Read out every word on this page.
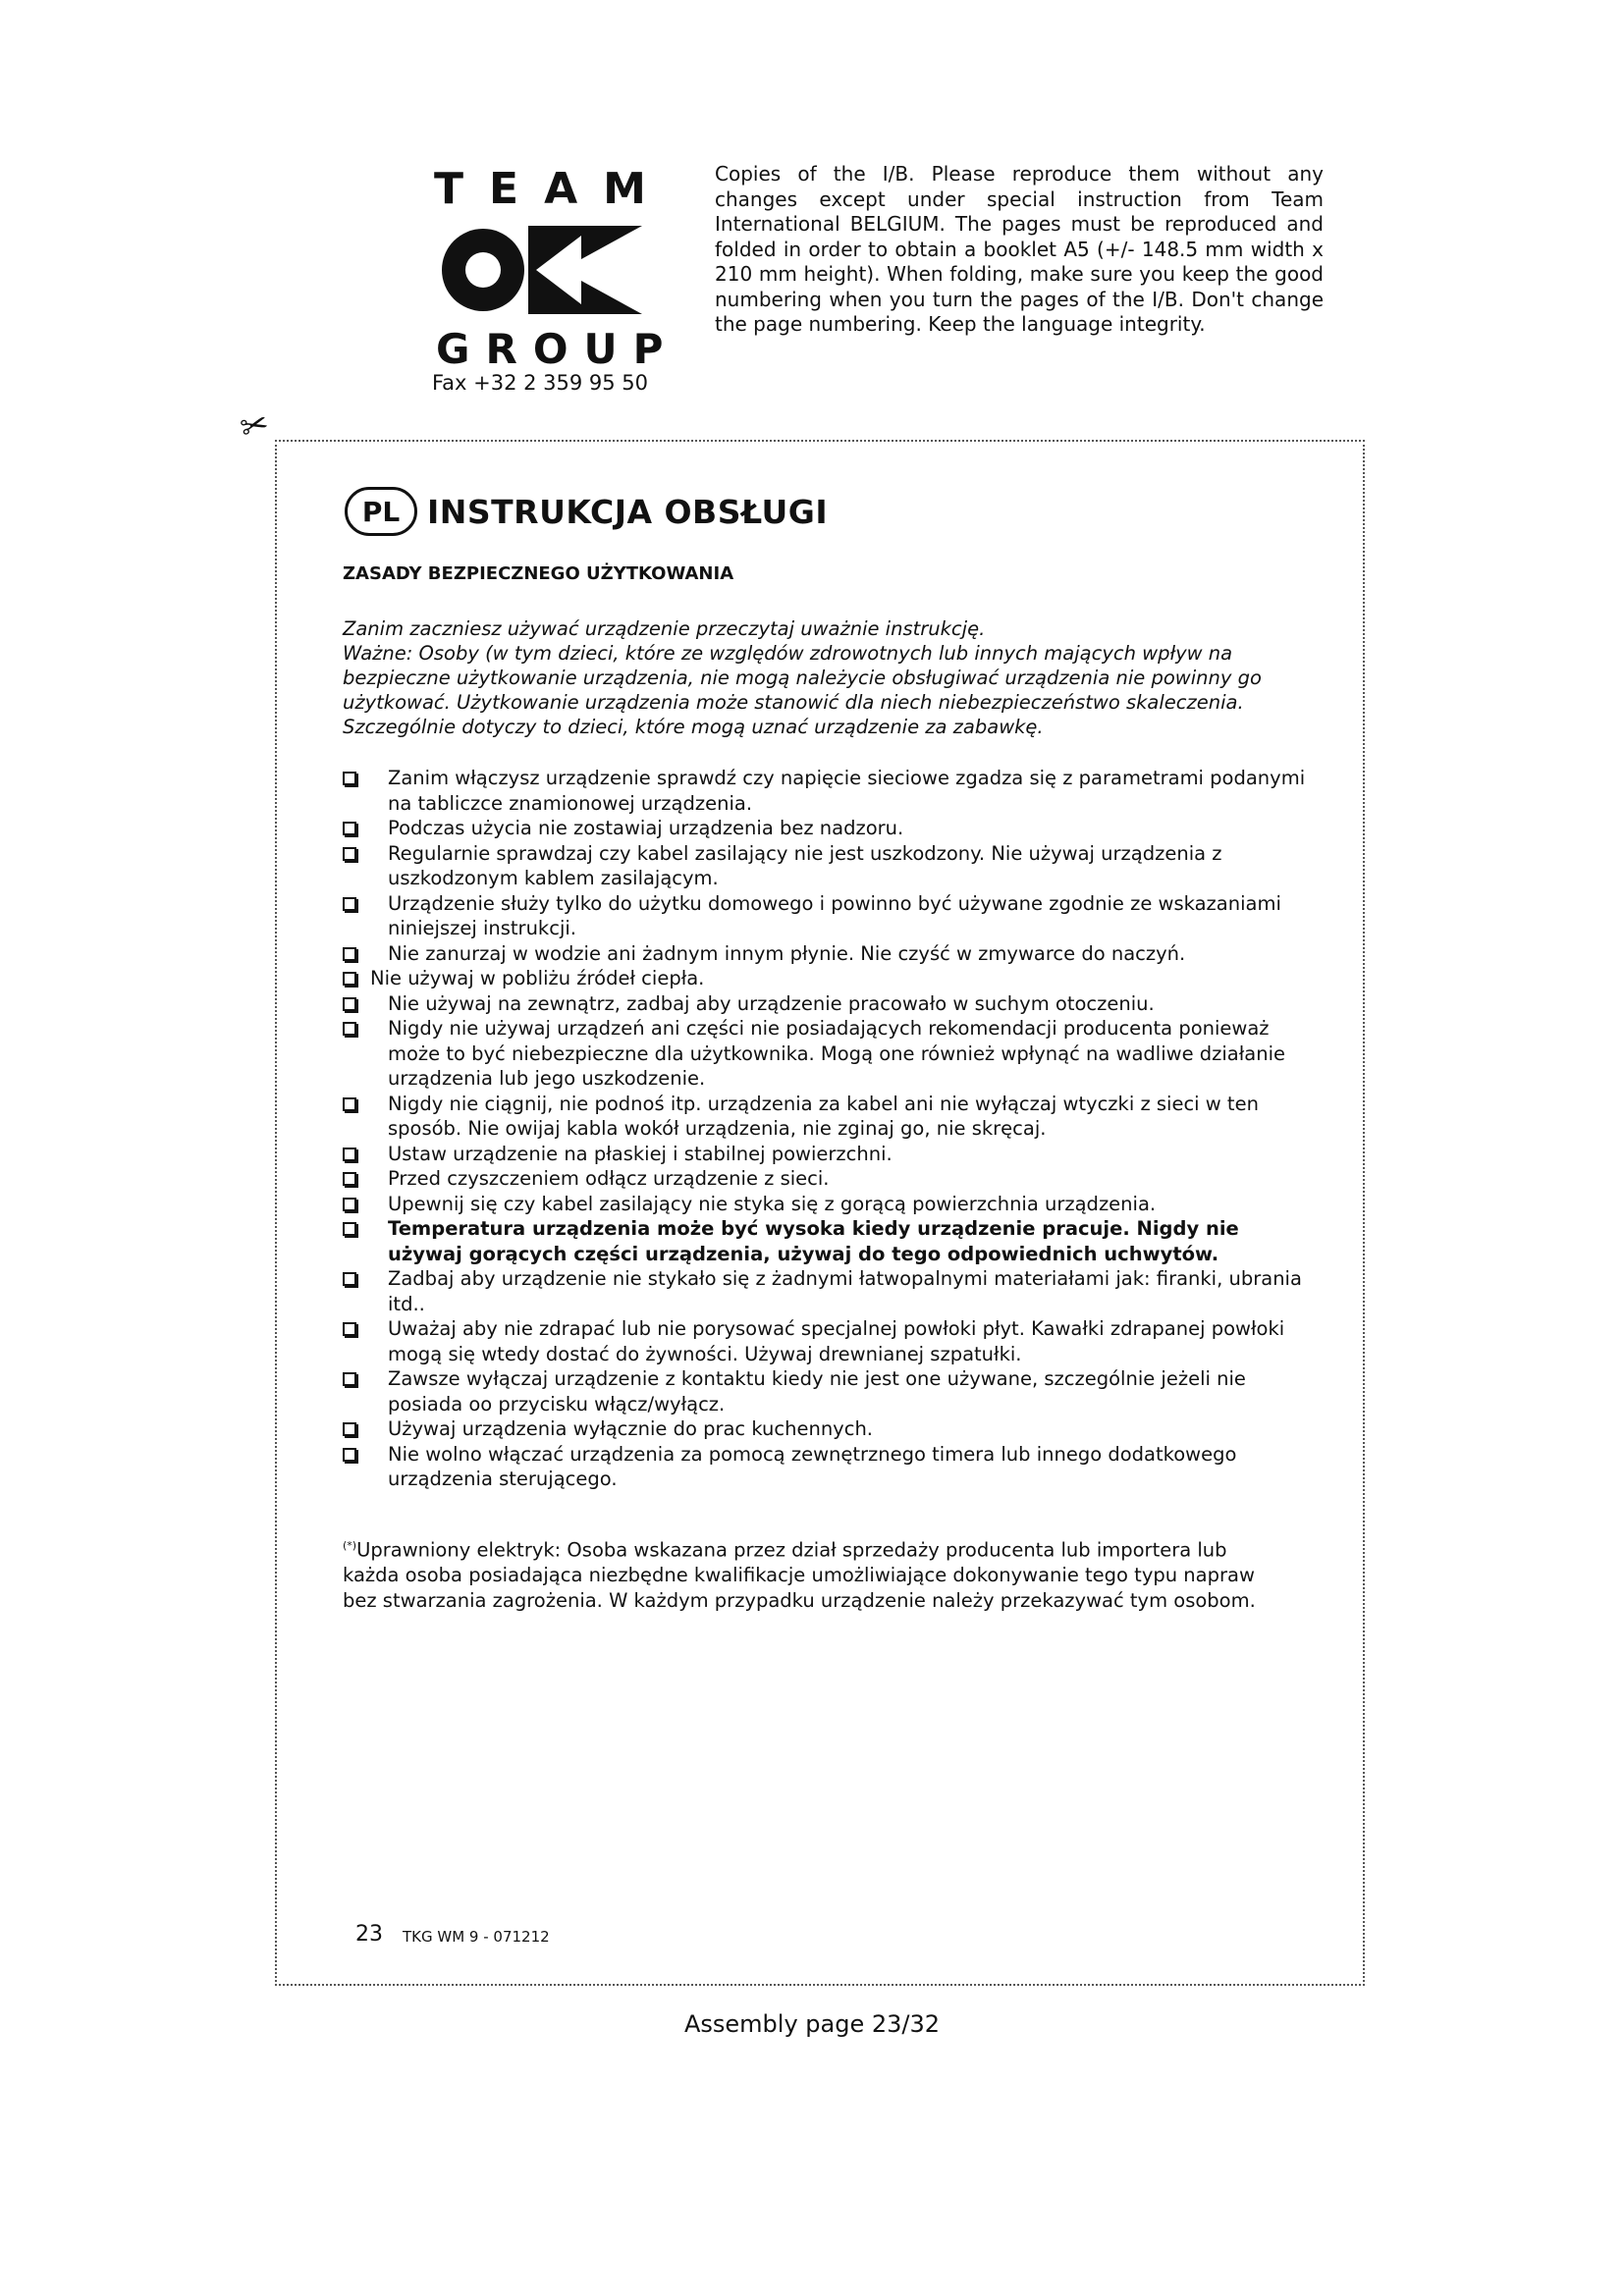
TEAM
GROUP
Fax +32 2 359 95 50
Copies of the I/B. Please reproduce them without any changes except under special instruction from Team International BELGIUM. The pages must be reproduced and folded in order to obtain a booklet A5 (+/- 148.5 mm width x 210 mm height). When folding, make sure you keep the good numbering when you turn the pages of the I/B. Don't change the page numbering. Keep the language integrity.
✂
PL INSTRUKCJA OBSŁUGI
ZASADY BEZPIECZNEGO UŻYTKOWANIA

Zanim zaczniesz używać urządzenie przeczytaj uważnie instrukcję.

Ważne: Osoby (w tym dzieci, które ze względów zdrowotnych lub innych mających wpływ na bezpieczne użytkowanie urządzenia, nie mogą należycie obsługiwać urządzenia nie powinny go użytkować. Użytkowanie urządzenia może stanowić dla niech niebezpieczeństwo skaleczenia. Szczególnie dotyczy to dzieci, które mogą uznać urządzenie za zabawkę.

Zanim włączysz urządzenie sprawdź czy napięcie sieciowe zgadza się z parametrami podanymi na tabliczce znamionowej urządzenia.
Podczas użycia nie zostawiaj urządzenia bez nadzoru.
Regularnie sprawdzaj czy kabel zasilający nie jest uszkodzony. Nie używaj urządzenia z uszkodzonym kablem zasilającym.
Urządzenie służy tylko do użytku domowego i powinno być używane zgodnie ze wskazaniami niniejszej instrukcji.
Nie zanurzaj w wodzie ani żadnym innym płynie. Nie czyść w zmywarce do naczyń.
Nie używaj w pobliżu źródeł ciepła.
Nie używaj na zewnątrz, zadbaj aby urządzenie pracowało w suchym otoczeniu.
Nigdy nie używaj urządzeń ani części nie posiadających rekomendacji producenta ponieważ może to być niebezpieczne dla użytkownika. Mogą one również wpłynąć na wadliwe działanie urządzenia lub jego uszkodzenie.
Nigdy nie ciągnij, nie podnoś itp. urządzenia za kabel ani nie wyłączaj wtyczki z sieci w ten sposób. Nie owijaj kabla wokół urządzenia, nie zginaj go, nie skręcaj.
Ustaw urządzenie na płaskiej i stabilnej powierzchni.
Przed czyszczeniem odłącz urządzenie z sieci.
Upewnij się czy kabel zasilający nie styka się z gorącą powierzchnia urządzenia.
Temperatura urządzenia może być wysoka kiedy urządzenie pracuje. Nigdy nie używaj gorących części urządzenia, używaj do tego odpowiednich uchwytów.
Zadbaj aby urządzenie nie stykało się z żadnymi łatwopalnymi materiałami jak: firanki, ubrania itd..
Uważaj aby nie zdrapać lub nie porysować specjalnej powłoki płyt. Kawałki zdrapanej powłoki mogą się wtedy dostać do żywności. Używaj drewnianej szpatułki.
Zawsze wyłączaj urządzenie z kontaktu kiedy nie jest one używane, szczególnie jeżeli nie posiada oo przycisku włącz/wyłącz.
Używaj urządzenia wyłącznie do prac kuchennych.
Nie wolno włączać urządzenia za pomocą zewnętrznego timera lub innego dodatkowego urządzenia sterującego.
(*)Uprawniony elektryk: Osoba wskazana przez dział sprzedaży producenta lub importera lub każda osoba posiadająca niezbędne kwalifikacje umożliwiające dokonywanie tego typu napraw bez stwarzania zagrożenia. W każdym przypadku urządzenie należy przekazywać tym osobom.
23 TKG WM 9 - 071212
Assembly page 23/32
